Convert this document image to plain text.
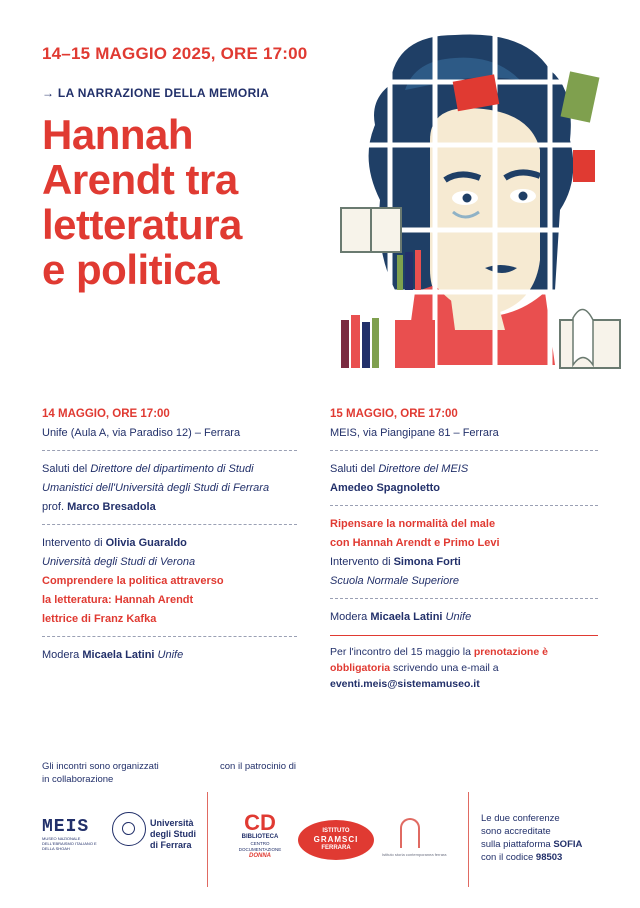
14–15 MAGGIO 2025, ORE 17:00
→ LA NARRAZIONE DELLA MEMORIA
Hannah
Arendt tra
letteratura
e politica
14 MAGGIO, ORE 17:00
Unife (Aula A, via Paradiso 12) – Ferrara
Saluti del Direttore del dipartimento di Studi
Umanistici dell'Università degli Studi di Ferrara
prof. Marco Bresadola
Intervento di Olivia Guaraldo
Università degli Studi di Verona
Comprendere la politica attraverso
la letteratura: Hannah Arendt
lettrice di Franz Kafka
Modera Micaela Latini Unife
15 MAGGIO, ORE 17:00
MEIS, via Piangipane 81 – Ferrara
Saluti del Direttore del MEIS
Amedeo Spagnoletto
Ripensare la normalità del male
con Hannah Arendt e Primo Levi
Intervento di Simona Forti
Scuola Normale Superiore
Modera Micaela Latini Unife
Per l'incontro del 15 maggio la prenotazione è
obbligatoria scrivendo una e-mail a
eventi.meis@sistemamuseo.it
Gli incontri sono organizzati
in collaborazione
con il patrocinio di
MEIS
MUSEO NAZIONALE DELL'EBRAISMO ITALIANO E DELLA SHOAH
Università
degli Studi
di Ferrara
CD
BIBLIOTECA
CENTRO DOCUMENTAZIONE
DONNA
ISTITUTO
GRAMSCI
FERRARA
Istituto storia contemporanea ferrara
Le due conferenze
sono accreditate
sulla piattaforma SOFIA
con il codice 98503
